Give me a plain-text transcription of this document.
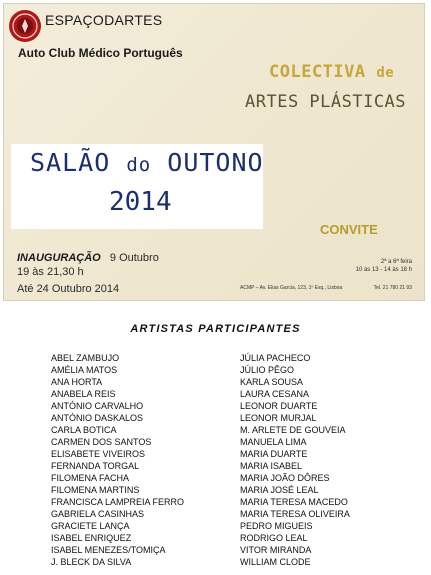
ESPAÇODARTES
Auto Club Médico Português
COLECTIVA de
ARTES PLÁSTICAS
SALÃO do OUTONO
2014
CONVITE
INAUGURAÇÃO 9 Outubro
19 às 21,30 h
Até 24 Outubro 2014
2ª a 6ª feira
10 às 13 - 14 às 18 h
ACMP – Av. Elias Garcia, 123, 1º Esq., Lisboa	Tel. 21 780 21 93
ARTISTAS PARTICIPANTES
ABEL ZAMBUJO
AMÉLIA MATOS
ANA HORTA
ANABELA REIS
ANTÓNIO CARVALHO
ANTÓNIO DASKALOS
CARLA BOTICA
CARMEN DOS SANTOS
ELISABETE VIVEIROS
FERNANDA TORGAL
FILOMENA FACHA
FILOMENA MARTINS
FRANCISCA LAMPREIA FERRO
GABRIELA CASINHAS
GRACIETE LANÇA
ISABEL ENRIQUEZ
ISABEL MENEZES/TOMIÇA
J. BLECK DA SILVA
JÚLIA PACHECO
JÚLIO PÊGO
KARLA SOUSA
LAURA CESANA
LEONOR DUARTE
LEONOR MURJAL
M. ARLETE DE GOUVEIA
MANUELA LIMA
MARIA DUARTE
MARIA ISABEL
MARIA JOÃO DÔRES
MARIA JOSÉ LEAL
MARIA TERESA MACEDO
MARIA TERESA OLIVEIRA
PEDRO MIGUEIS
RODRIGO LEAL
VITOR MIRANDA
WILLIAM CLODE
